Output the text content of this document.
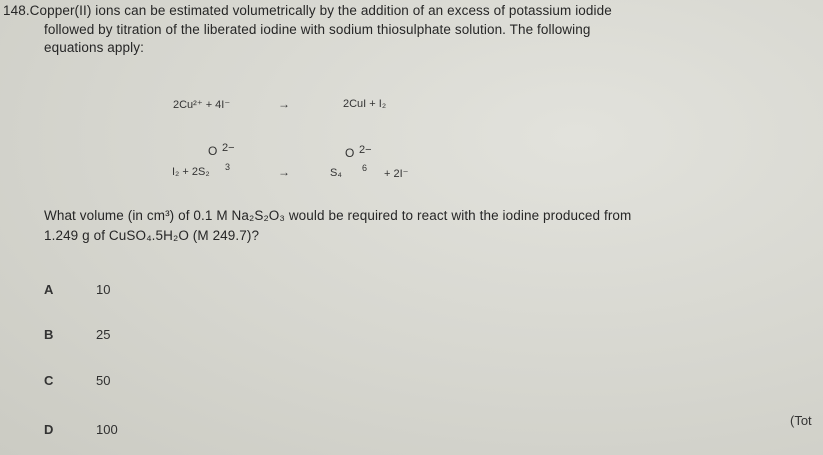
148.Copper(II) ions can be estimated volumetrically by the addition of an excess of potassium iodide
followed by titration of the liberated iodine with sodium thiosulphate solution. The following
equations apply:
2Cu²⁺ + 4I⁻	→	2CuI + I₂
I₂ + 2S₂
O 2−
3	→	S₄
O 2−
6 + 2I⁻
What volume (in cm³) of 0.1 M Na₂S₂O₃ would be required to react with the iodine produced from
1.249 g of CuSO₄.5H₂O (M 249.7)?
A	10
B	25
C	50
D	100
(Tot
